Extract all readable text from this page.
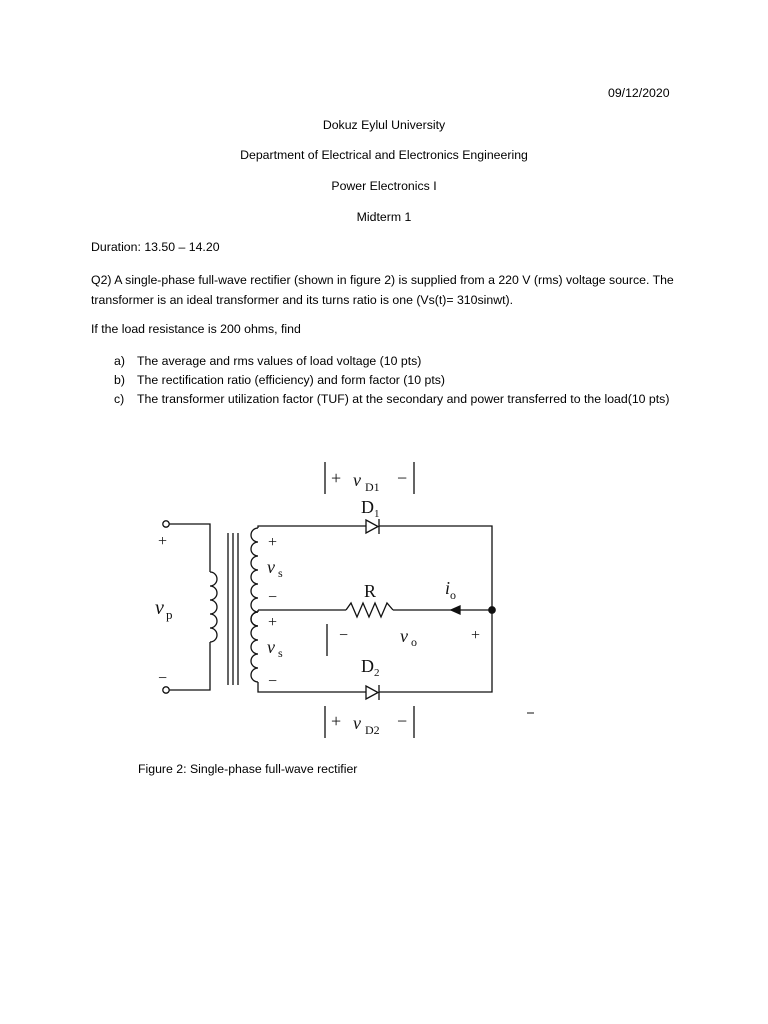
09/12/2020
Dokuz Eylul University
Department of Electrical and Electronics Engineering
Power Electronics I
Midterm 1
Duration: 13.50 – 14.20
Q2) A single-phase full-wave rectifier (shown in figure 2) is supplied from a 220 V (rms) voltage source. The transformer is an ideal transformer and its turns ratio is one (Vs(t)= 310sinwt).
If the load resistance is 200 ohms, find
a) The average and rms values of load voltage (10 pts)
b) The rectification ratio (efficiency) and form factor (10 pts)
c) The transformer utilization factor (TUF) at the secondary and power transferred to the load(10 pts)
+ v D1 −
D 1
+
v s
−
+
v p
−
R	i o
+
v s
−
−	v o	+
D 2
+ v D2 −
Figure 2: Single-phase full-wave rectifier
